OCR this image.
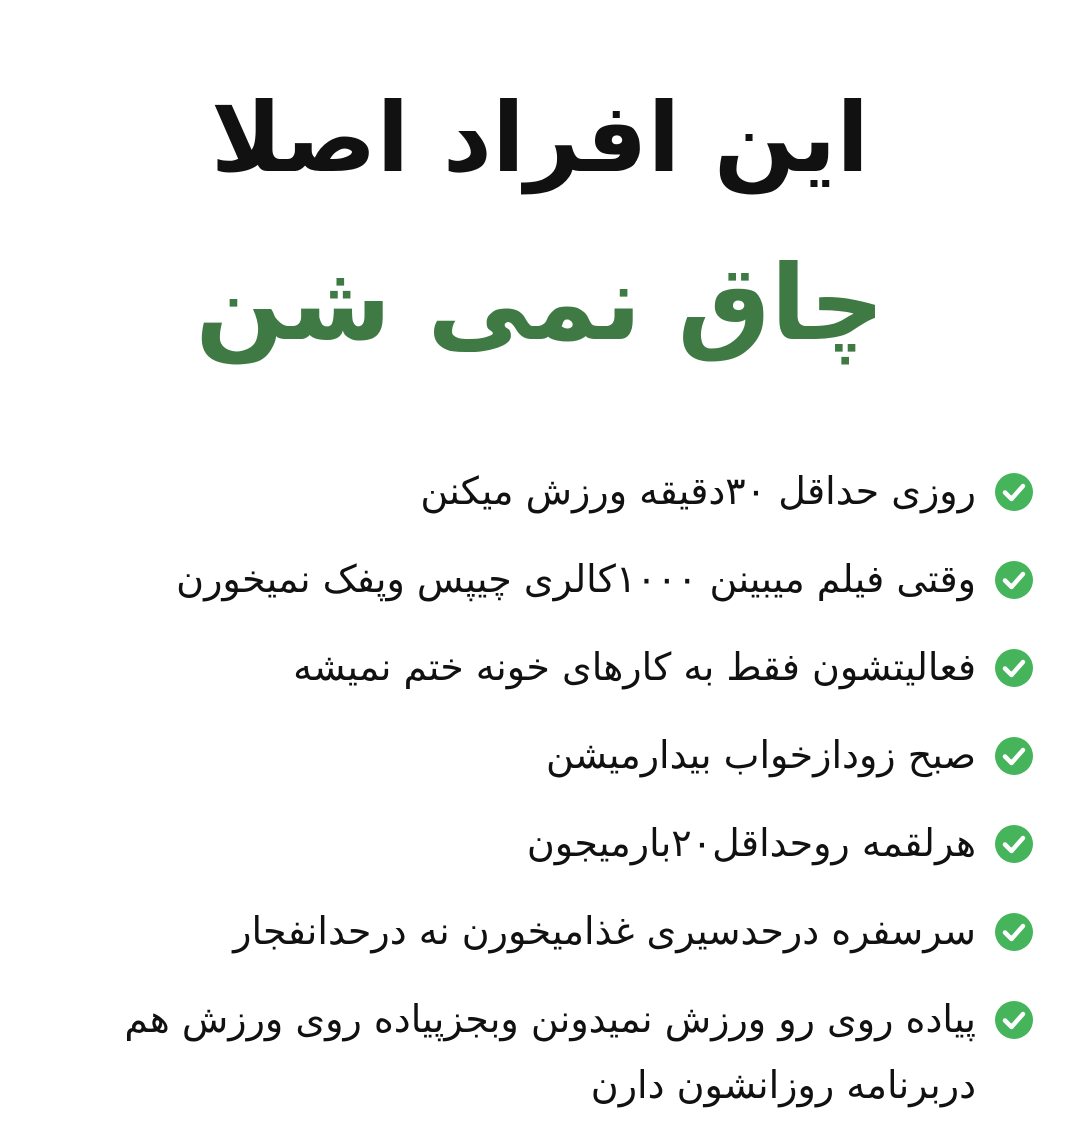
این افراد اصلا
چاق نمی شن
روزی حداقل ۳۰دقیقه ورزش میکنن
وقتی فیلم میبینن ۱۰۰۰کالری چیپس وپفک نمیخورن
فعالیتشون فقط به کارهای خونه ختم نمیشه
صبح زودازخواب بیدارمیشن
هرلقمه روحداقل۲۰بارمیجون
سرسفره درحدسیری غذامیخورن نه درحدانفجار
پیاده روی رو ورزش نمیدونن وبجزپیاده روی ورزش هم دربرنامه روزانشون دارن
